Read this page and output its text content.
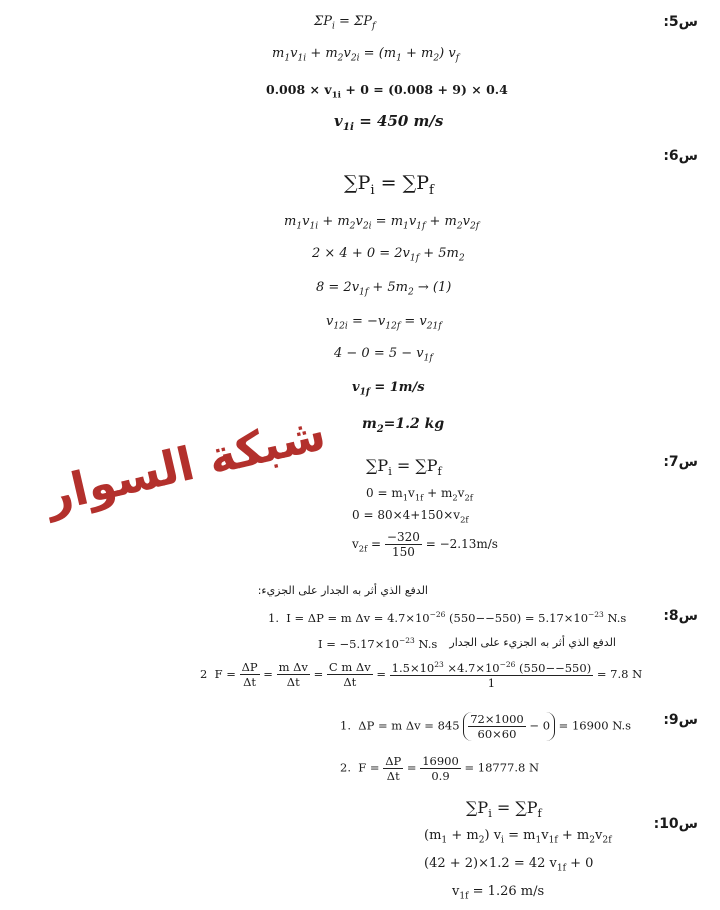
شبكة السوار
س5:
$\Sigma P_i = \Sigma P_f$
$m_1v_{1i} + m_2v_{2i} = (m_1 + m_2)$ $v_f$
$0.008 \times v_{1i} + 0 = (0.008 + 9) \times 0.4$
$v_{1i} = 450$ m/s
س6:
$\sum P_i = \sum P_f$
$m_1v_{1i} + m_2v_{2i} = m_1v_{1f} + m_2v_{2f}$
$2 \times 4 + 0 = 2v_{1f} + 5m_2$
$8 = 2v_{1f} + 5m_2 \to (1)$
$v_{12i} = -v_{12f} = v_{21f}$
$4 - 0 = 5 - v_{1f}$
$v_{1f} = 1m/s$
$m_2=1.2$ kg
س7:
$\sum P_i = \sum P_f$
$0 = m_1v_{1f} + m_2v_{2f}$
$0 = 80\times 4+150\times v_{2f}$
$v_{2f} = \frac{-320}{150} = -2.13m/s$
س8:
الدفع الذي أثر به الجدار على الجزيء:
1.  I = ΔP = m $\Delta v = 4.7\times 10^{-26}$ $(550--550) = 5.17\times 10^{-23}$ N.s
الدفع الذي أثر به الجزيء على الجدار
$I = -5.17\times 10^{-23}$ N.s
2  $F = \frac{\Delta P}{\Delta t} = \frac{\text{m Δv}}{\Delta t} = \frac{\text{C m Δv}}{\Delta t} = \frac{1.5\times 10^{23} \times 4.7\times 10^{-26} (550--550)}{1} = 7.8$ N
س9:
1.  ΔP = m $\Delta v = 845 \frac{72\times 1000}{60\times 60} - 0 = 16900$ N.s
2.  $F = \frac{\Delta P}{\Delta t} = \frac{16900}{0.9} = 18777.8$ N
س10:
$\sum P_i = \sum P_f$
$(m_1 + m_2) v_i = m_1v_{1f} + m_2v_{2f}$
(42 + 2)×1.2 = 42 $v_{1f} + 0$
$v_{1f} = 1.26$ m/s
